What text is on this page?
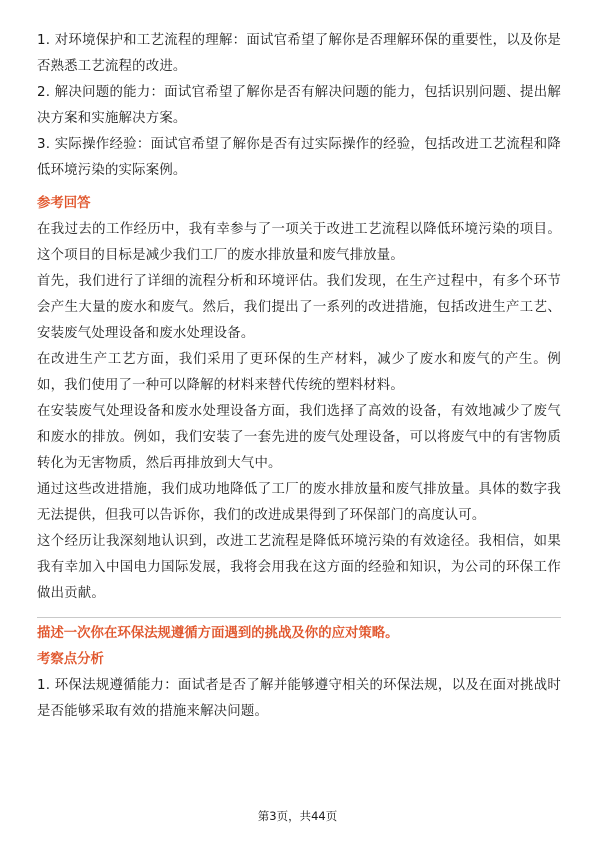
1. 对环境保护和工艺流程的理解：面试官希望了解你是否理解环保的重要性，以及你是否熟悉工艺流程的改进。

2. 解决问题的能力：面试官希望了解你是否有解决问题的能力，包括识别问题、提出解决方案和实施解决方案。

3. 实际操作经验：面试官希望了解你是否有过实际操作的经验，包括改进工艺流程和降低环境污染的实际案例。

参考回答

在我过去的工作经历中，我有幸参与了一项关于改进工艺流程以降低环境污染的项目。这个项目的目标是减少我们工厂的废水排放量和废气排放量。

首先，我们进行了详细的流程分析和环境评估。我们发现，在生产过程中，有多个环节会产生大量的废水和废气。然后，我们提出了一系列的改进措施，包括改进生产工艺、安装废气处理设备和废水处理设备。

在改进生产工艺方面，我们采用了更环保的生产材料，减少了废水和废气的产生。例如，我们使用了一种可以降解的材料来替代传统的塑料材料。

在安装废气处理设备和废水处理设备方面，我们选择了高效的设备，有效地减少了废气和废水的排放。例如，我们安装了一套先进的废气处理设备，可以将废气中的有害物质转化为无害物质，然后再排放到大气中。

通过这些改进措施，我们成功地降低了工厂的废水排放量和废气排放量。具体的数字我无法提供，但我可以告诉你，我们的改进成果得到了环保部门的高度认可。

这个经历让我深刻地认识到，改进工艺流程是降低环境污染的有效途径。我相信，如果我有幸加入中国电力国际发展，我将会用我在这方面的经验和知识，为公司的环保工作做出贡献。

描述一次你在环保法规遵循方面遇到的挑战及你的应对策略。

考察点分析

1. 环保法规遵循能力：面试者是否了解并能够遵守相关的环保法规，以及在面对挑战时是否能够采取有效的措施来解决问题。

第3页，共44页
